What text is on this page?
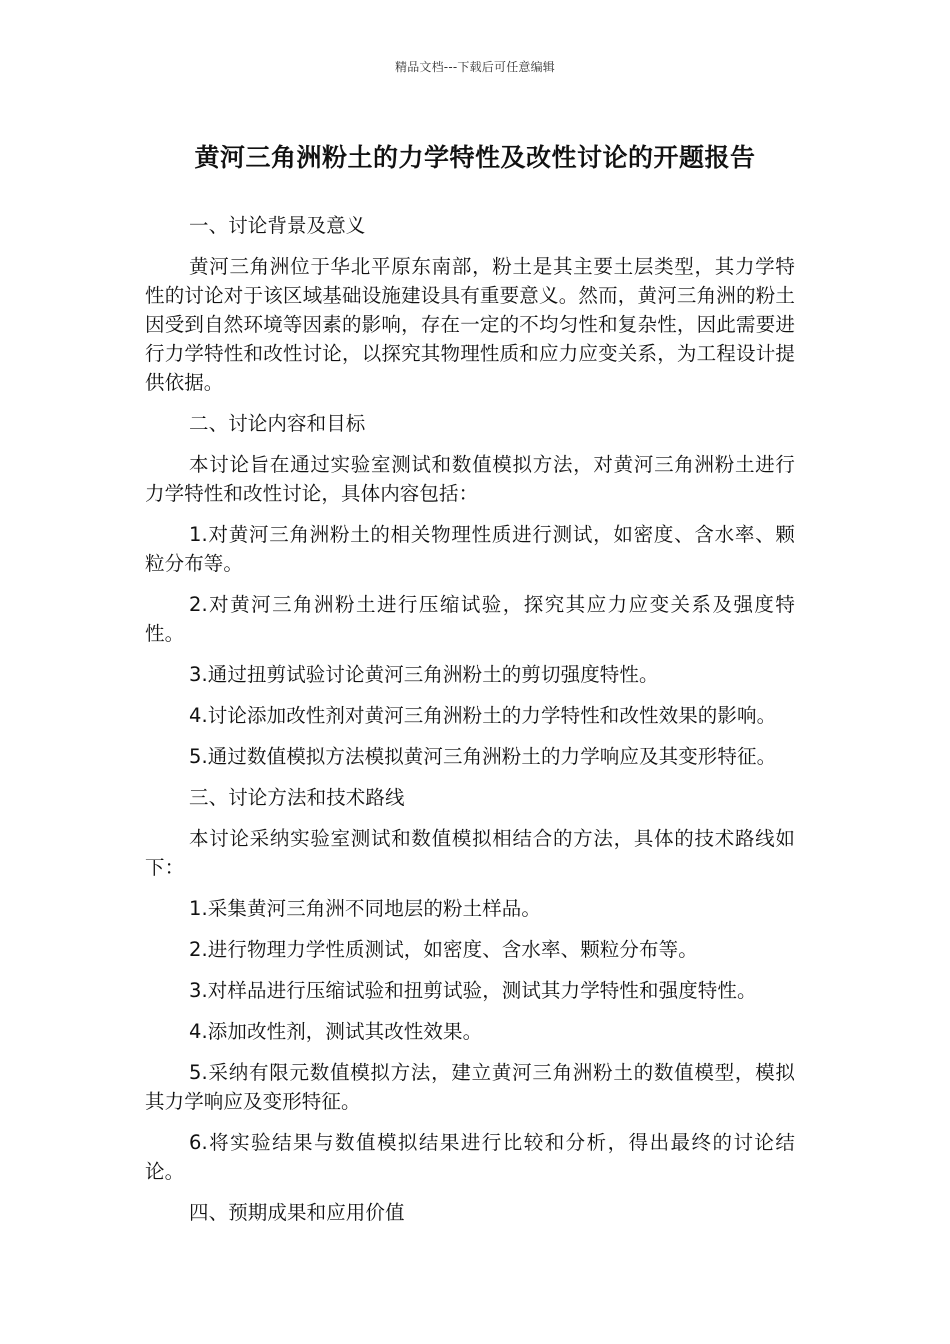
精品文档---下载后可任意编辑
黄河三角洲粉土的力学特性及改性讨论的开题报告

一、讨论背景及意义

黄河三角洲位于华北平原东南部，粉土是其主要土层类型，其力学特性的讨论对于该区域基础设施建设具有重要意义。然而，黄河三角洲的粉土因受到自然环境等因素的影响，存在一定的不均匀性和复杂性，因此需要进行力学特性和改性讨论，以探究其物理性质和应力应变关系，为工程设计提供依据。

二、讨论内容和目标

本讨论旨在通过实验室测试和数值模拟方法，对黄河三角洲粉土进行力学特性和改性讨论，具体内容包括：

1.对黄河三角洲粉土的相关物理性质进行测试，如密度、含水率、颗粒分布等。

2.对黄河三角洲粉土进行压缩试验，探究其应力应变关系及强度特性。

3.通过扭剪试验讨论黄河三角洲粉土的剪切强度特性。

4.讨论添加改性剂对黄河三角洲粉土的力学特性和改性效果的影响。

5.通过数值模拟方法模拟黄河三角洲粉土的力学响应及其变形特征。

三、讨论方法和技术路线

本讨论采纳实验室测试和数值模拟相结合的方法，具体的技术路线如下：

1.采集黄河三角洲不同地层的粉土样品。

2.进行物理力学性质测试，如密度、含水率、颗粒分布等。

3.对样品进行压缩试验和扭剪试验，测试其力学特性和强度特性。

4.添加改性剂，测试其改性效果。

5.采纳有限元数值模拟方法，建立黄河三角洲粉土的数值模型，模拟其力学响应及变形特征。

6.将实验结果与数值模拟结果进行比较和分析，得出最终的讨论结论。

四、预期成果和应用价值
